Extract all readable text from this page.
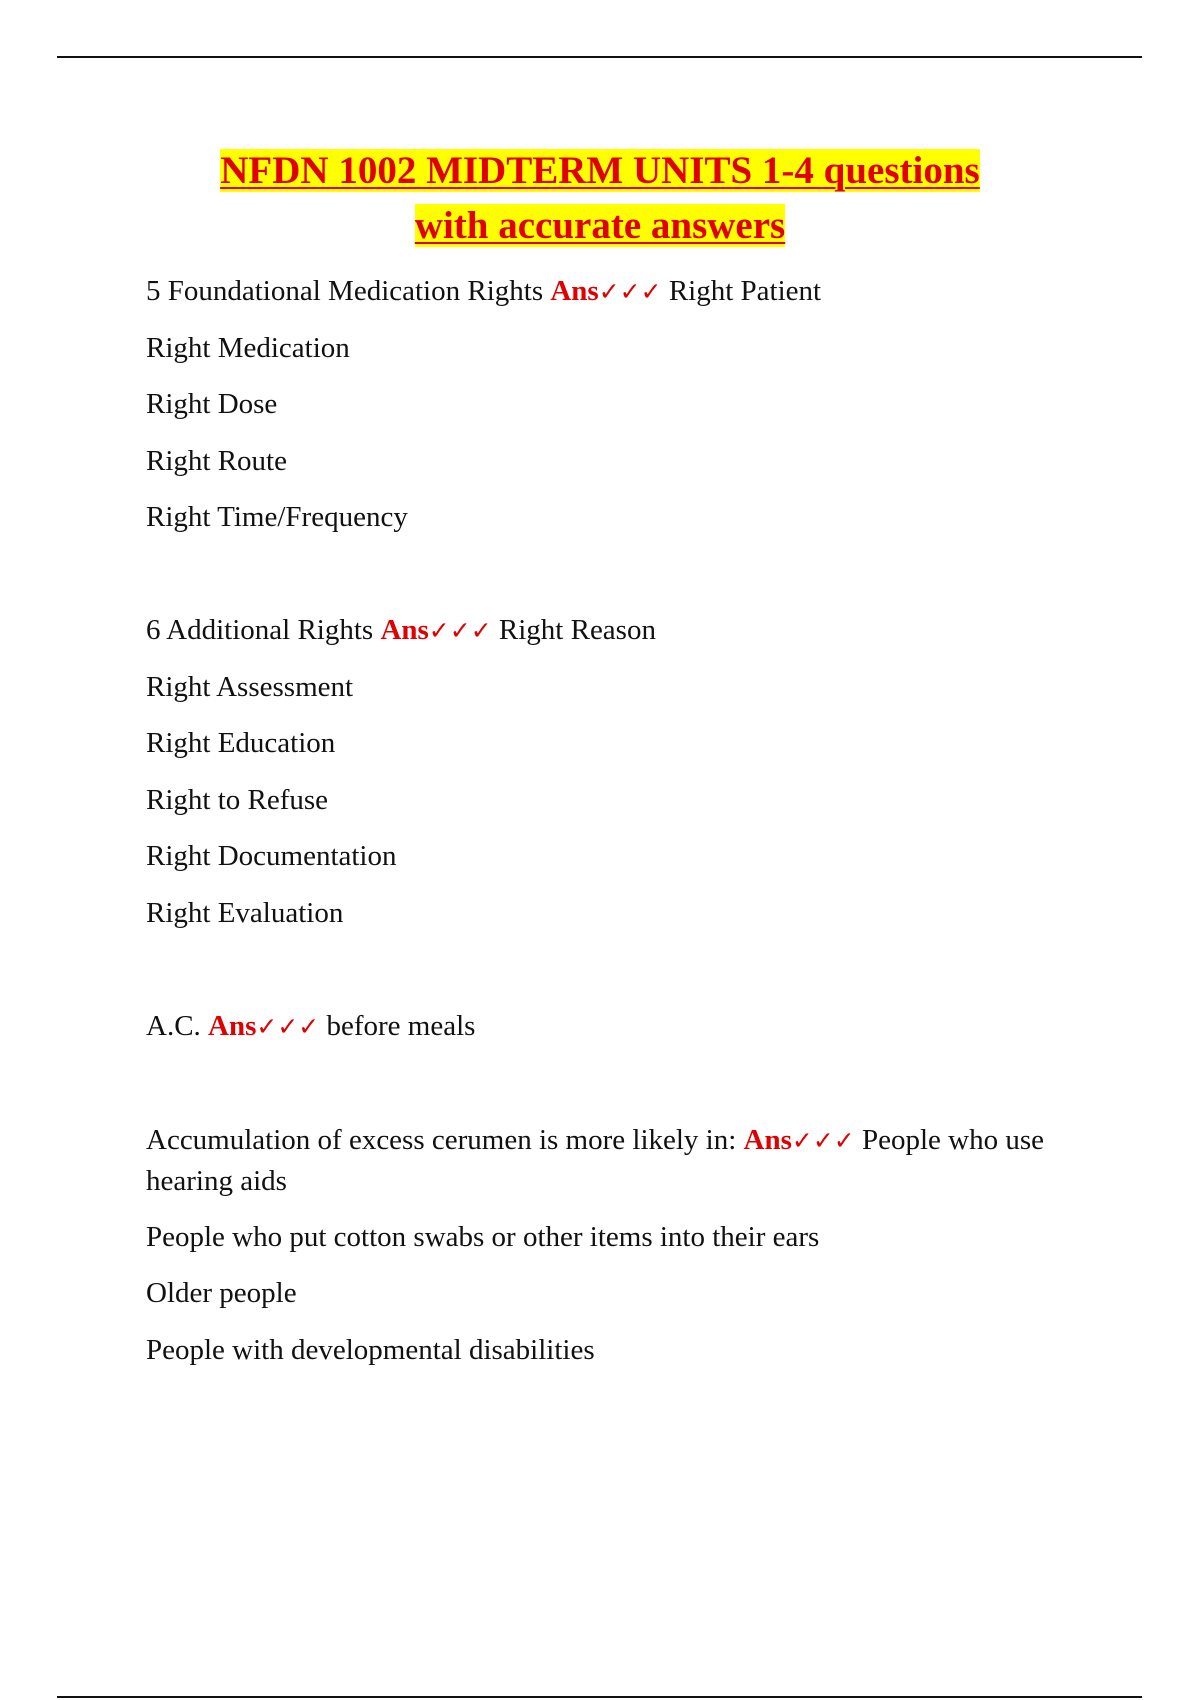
NFDN 1002 MIDTERM UNITS 1-4 questions
with accurate answers
5 Foundational Medication Rights Ans✓✓✓ Right Patient
Right Medication
Right Dose
Right Route
Right Time/Frequency
6 Additional Rights Ans✓✓✓ Right Reason
Right Assessment
Right Education
Right to Refuse
Right Documentation
Right Evaluation
A.C. Ans✓✓✓ before meals
Accumulation of excess cerumen is more likely in: Ans✓✓✓ People who use hearing aids
People who put cotton swabs or other items into their ears
Older people
People with developmental disabilities
